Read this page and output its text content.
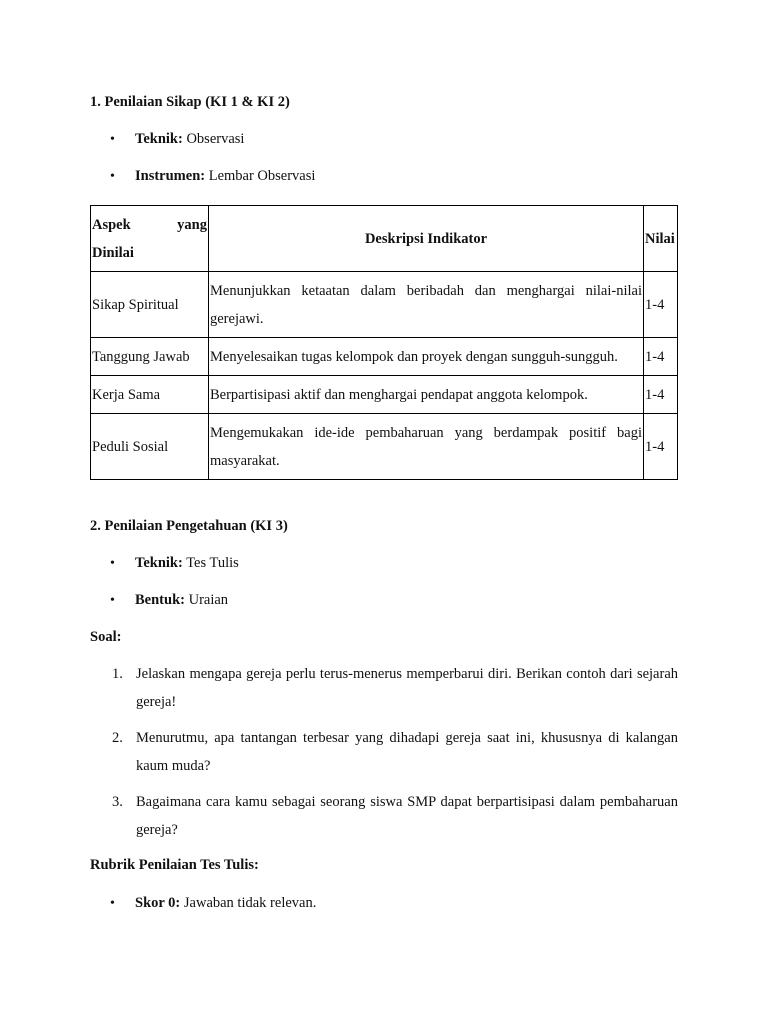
1. Penilaian Sikap (KI 1 & KI 2)
• Teknik: Observasi
• Instrumen: Lembar Observasi
Aspek yang Dinilai	Deskripsi Indikator	Nilai
Sikap Spiritual	Menunjukkan ketaatan dalam beribadah dan menghargai nilai-nilai gerejawi.	1-4
Tanggung Jawab	Menyelesaikan tugas kelompok dan proyek dengan sungguh-sungguh.	1-4
Kerja Sama	Berpartisipasi aktif dan menghargai pendapat anggota kelompok.	1-4
Peduli Sosial	Mengemukakan ide-ide pembaharuan yang berdampak positif bagi masyarakat.	1-4
2. Penilaian Pengetahuan (KI 3)
• Teknik: Tes Tulis
• Bentuk: Uraian
Soal:
1. Jelaskan mengapa gereja perlu terus-menerus memperbarui diri. Berikan contoh dari sejarah gereja!
2. Menurutmu, apa tantangan terbesar yang dihadapi gereja saat ini, khususnya di kalangan kaum muda?
3. Bagaimana cara kamu sebagai seorang siswa SMP dapat berpartisipasi dalam pembaharuan gereja?
Rubrik Penilaian Tes Tulis:
• Skor 0: Jawaban tidak relevan.
